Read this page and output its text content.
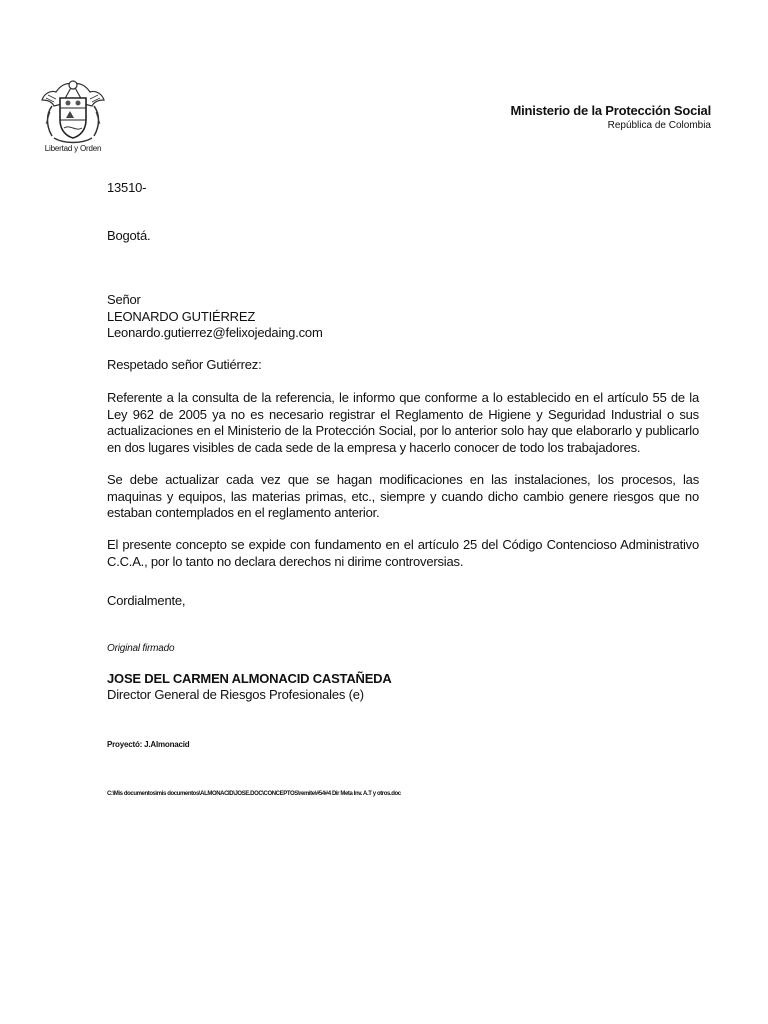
Libertad y Orden
Ministerio de la Protección Social
República de Colombia
13510-
Bogotá.
Señor
LEONARDO GUTIÉRREZ
Leonardo.gutierrez@felixojedaing.com
Respetado señor Gutiérrez:
Referente a la consulta de la referencia, le informo que conforme a lo establecido en el artículo 55 de la Ley 962 de 2005 ya no es necesario registrar el Reglamento de Higiene y Seguridad Industrial o sus actualizaciones en el Ministerio de la Protección Social, por lo anterior solo hay que elaborarlo y publicarlo en dos lugares visibles de cada sede de la empresa y hacerlo conocer de todo los trabajadores.
Se debe actualizar cada vez que se hagan modificaciones en las instalaciones, los procesos, las maquinas y equipos, las materias primas, etc., siempre y cuando dicho cambio genere riesgos que no estaban contemplados en el reglamento anterior.
El presente concepto se expide con fundamento en el artículo 25 del Código Contencioso Administrativo C.C.A., por lo tanto no declara derechos ni dirime controversias.
Cordialmente,
Original firmado
JOSE DEL CARMEN ALMONACID CASTAÑEDA
Director General de Riesgos Profesionales (e)
Proyectó: J.Almonacid
C:\Mis documentos\mis documentos\ALMONACID\JOSE.DOC\CONCEPTOS\remite\#54#4 Dir Meta Inv. A.T y otros.doc
